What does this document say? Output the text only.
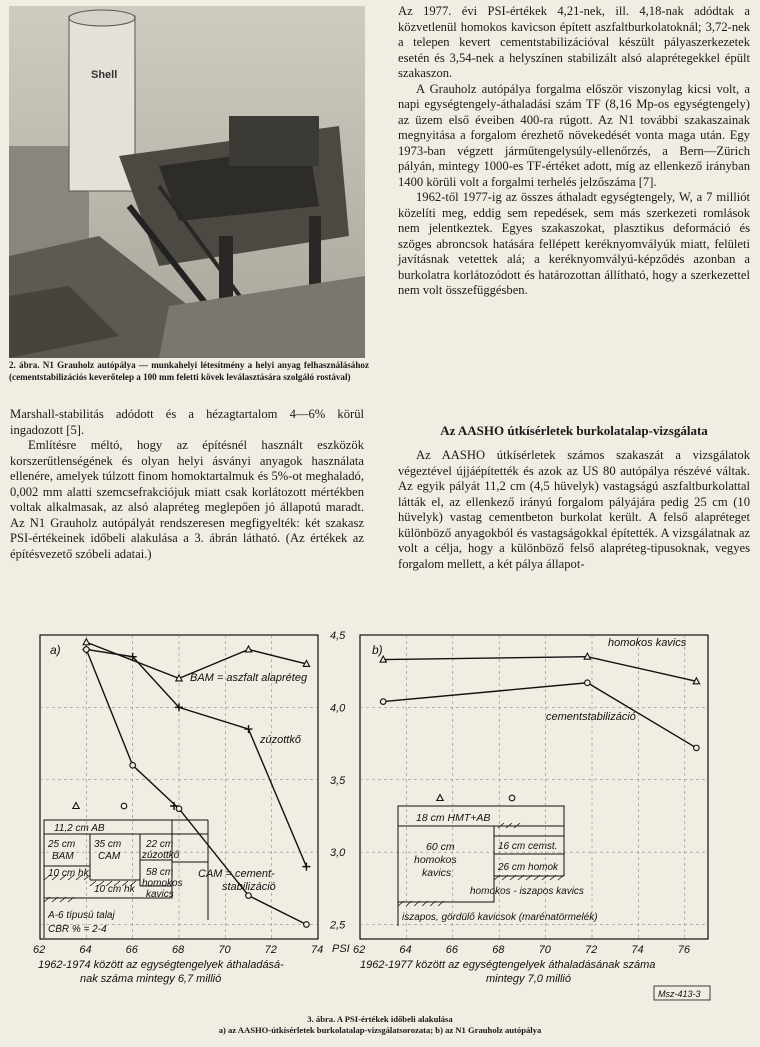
Shell
2. ábra. N1 Grauholz autópálya — munkahelyi létesítmény a helyi anyag felhasználásához (cementstabilizációs keverőtelep a 100 mm feletti kövek leválasztására szolgáló rostával)

Az 1977. évi PSI-értékek 4,21-nek, ill. 4,18-nak adódtak a közvetlenül homokos kavicson épített aszfaltburkolatoknál; 3,72-nek a telepen kevert cementstabilizációval készült pályaszerkezetek esetén és 3,54-nek a helyszínen stabilizált alsó alaprétegekkel épült szakaszon.

A Grauholz autópálya forgalma először viszonylag kicsi volt, a napi egységtengely-áthaladási szám TF (8,16 Mp-os egységtengely) az üzem első éveiben 400-ra rúgott. Az N1 további szakaszainak megnyitása a forgalom érezhető növekedését vonta maga után. Egy 1973-ban végzett járműtengelysúly-ellenőrzés, a Bern—Zürich pályán, mintegy 1000-es TF-értéket adott, míg az ellenkező irányban 1400 körüli volt a forgalmi terhelés jelzőszáma [7].

1962-től 1977-ig az összes áthaladt egységtengely, W, a 7 milliót közelíti meg, eddig sem repedések, sem más szerkezeti romlások nem jelentkeztek. Egyes szakaszokat, plasztikus deformáció és szöges abroncsok hatására fellépett keréknyomvályúk miatt, felületi javításnak vetettek alá; a keréknyomvályú-képződés azonban a burkolatra korlátozódott és határozottan állítható, hogy a szerkezettel nem volt összefüggésben.

Az AASHO útkísérletek burkolatalap-vizsgálata

Az AASHO útkísérletek számos szakaszát a vizsgálatok végeztével újjáépítették és azok az US 80 autópálya részévé váltak. Az egyik pályát 11,2 cm (4,5 hüvelyk) vastagságú aszfaltburkolattal látták el, az ellenkező irányú forgalom pályájára pedig 25 cm (10 hüvelyk) vastag cementbeton burkolat került. A felső alapréteget különböző anyagokból és vastagságokkal építették. A vizsgálatnak az volt a célja, hogy a különböző felső alapréteg-tipusoknak, vegyes forgalom mellett, a két pálya állapot-

Marshall-stabilitás adódott és a hézagtartalom 4—6% körül ingadozott [5].

Említésre méltó, hogy az építésnél használt eszközök korszerűtlenségének és olyan helyi ásványi anyagok használata ellenére, amelyek túlzott finom homoktartalmuk és 5%-ot meghaladó, 0,002 mm alatti szemcsefrakciójuk miatt csak korlátozott mértékben voltak alkalmasak, az alsó alapréteg meglepően jó állapotú maradt. Az N1 Grauholz autópályát rendszeresen megfigyelték: két szakasz PSI-értékeinek időbeli alakulása a 3. ábrán látható. (Az értékek az építésvezető szóbeli adatai.)

62	64	66	68	70	72	74	62	64	66	68	70	72	74	76
2,5
3,0
3,5
4,0
4,5
a)	b)
PSI
BAM = aszfalt alapréteg
zúzottkő
CAM = cement-
stabilizáció
homokos kavics
cementstabilizáció
11,2 cm AB
25 cm
BAM
35 cm
CAM
22 cm
zúzottkő
10 cm hk
10 cm hk
58 cm
homokos
kavics
A-6 típusú talaj
CBR % = 2-4
18 cm HMT+AB
60 cm
homokos
kavics
16 cm cemst.
26 cm homok
homokos - iszapos kavics
iszapos, gördülő kavicsok (marénatörmelék)
1962-1974 között az egységtengelyek áthaladásá-
nak száma mintegy 6,7 millió
1962-1977 között az egységtengelyek áthaladásának száma
mintegy 7,0 millió
Msz-413-3
3. ábra. A PSI-értékek időbeli alakulása
a) az AASHO-útkísérletek burkolatalap-vizsgálatsorozata; b) az N1 Grauholz autópálya
